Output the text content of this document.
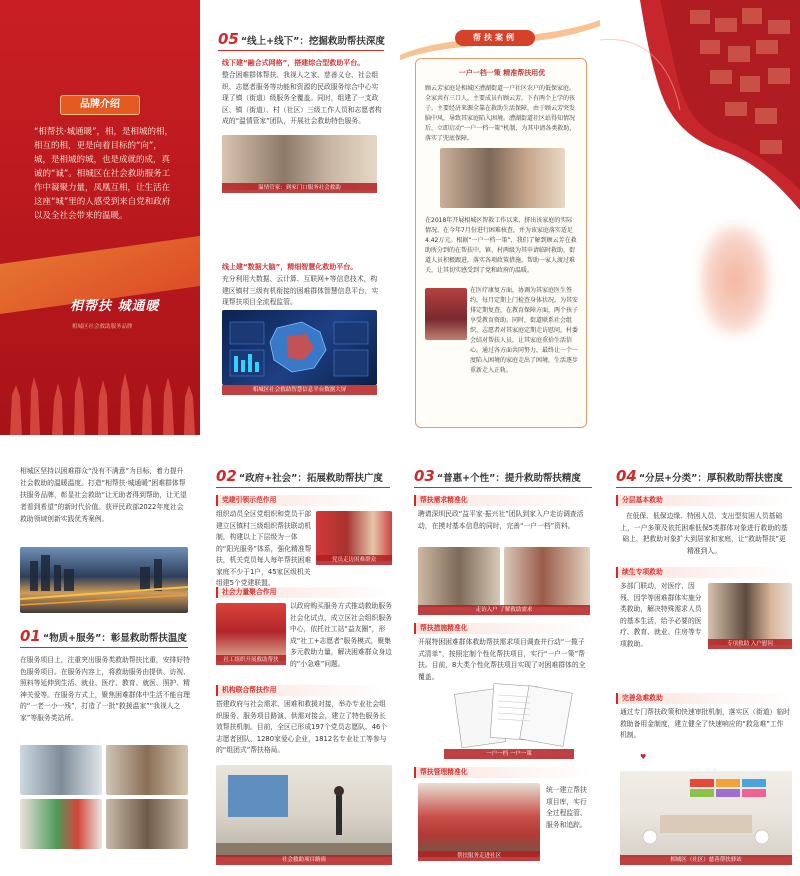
品牌介绍
“相帮扶·城通暖”，相，是相城的相，相互的相，更是向着目标的“向”，城，是相城的城，也是成就的成，真诚的“诚”。相城区在社会救助服务工作中凝聚力量，凤凰互相，让生活在这座“城”里的人感受到来自党和政府以及全社会带来的温暖。
相帮扶 城通暖
相城区社会救助服务品牌
05 “线上+线下”：挖掘救助帮扶深度
线下建“融合式网格”，搭建综合型救助平台。
整合困难群体帮扶、我视人之家、慈善义仓、社会组织、志愿者服务等功能和资源的民政服务综合中心实现了镇（街道）级服务全覆盖。同时，组建了一支政区、镇（街道）、村（社区）三级工作人员和志愿者构成的“温情管家”团队，开展社会救助特色服务。
温情管家：到家门口服务社会救助
线上建“数据大脑”，精细智慧化救助平台。
充分利用大数据、云计算、互联网+等信息技术，构建区镇村三级有机衔接的困难群体智慧信息平台，实现帮扶项目全流程监管。
相城区社会救助智慧信息平台数据大屏
帮扶案例
一户一档一策 精准帮扶用优
顾云芳家庭是相城区漕湖街道一户社区农户的低保家庭。全家共有三口人，主要成员有顾云芳，下有两个上学的孩子。主要经济来源全靠在救助生活保障，由于顾云芳突发脑中风，导致其家庭陷入困境。漕湖街道社区站得知情况后，立即启动“一户一档一策”机制，为其申请各类救助，落实了兜底保障。
在2018年开展相城区智救工作以来，挤出该家庭的实际情况。在今年7月份进行困难核查，并为该家庭落实适足4.42万元。根据“一户一档一策”，我们了解到顾云芳在救助所分到的在帮扶中，镇、村两级为其申请临时救助，街道人员积极跟进，落实各项政策措施，帮助一家人渡过难关，让其切实感受到了党和政府的温暖。
在医疗康复方面，协调为其家庭医生签约，每月定期上门检查身体状况。为其安排定期复查，在教育保障方面，两个孩子享受教育资助。同时，街道联系社会组织、志愿者对其家庭定期走访慰问，村委会结对帮扶人员，让其家庭重拾生活信心。通过各方面共同努力，最终让一个一度陷入困境的家庭走出了困境，生活逐步重新走入正轨。
相城区坚持以困难群众“没有不满意”为目标，着力提升社会救助的温暖温度。打造“相帮扶·城通暖”困难群体帮扶服务品牌，彰显社会救助“让无助者得到帮助，让无望者看到希望”的新时代价值。获评民政部2022年度社会救助领域创新实践优秀案例。
01 “物质+服务”：彰显救助帮扶温度
在服务项目上，注重突出服务类救助帮扶比重，安排好特色服务项目。在服务内容上，将救助服务由提供、访视、照料等延伸到生活、就业、医疗、教育、就医、照护、精神关爱等。在服务方式上，聚焦困难群体中生活不能自理的“一老一小一残”，打造了一批“救援温家”“我视人之家”等服务类站所。
02 “政府+社会”：拓展救助帮扶广度
党建引领示范作用
组织动员全区党组织和党员干部建立区镇村三级组织帮扶联动机制，构建以上下层级为一体的“阳光服务”体系，强化精准帮扶，机关党员每人每年帮扶困难家庭不少于1户，45家区级机关组建5个党建联盟。
党员走访困难群众
社会力量聚合作用
社工组织开展救助帮扶
以政府购买服务方式推动救助服务社会化试点，成立区社会组织服务中心，依托社工站“益友圈”，形成“社工+志愿者”服务模式，聚集多元救助力量，解决困难群众身边的“小急难”问题。
机构联合帮扶作用
搭建政府与社会需求、困难和救援对接，举办专业社会组织服务、服务项目路演、供需对接会，建立了特色服务长效帮扶机制。目前，全区已形成197个党员志愿队、46个志愿者团队、1280家爱心企业，1812名专业社工等参与的“组团式”帮扶格局。
社会救助项目路演
03 “普惠+个性”：提升救助帮扶精度
帮扶需求精准化
聘请深圳民政“益平家·振兴社”团队到家入户走访调查活动，在摸对基本信息的同时，完善“一户一档”资料。
走访入户 了解救助需求
帮扶措施精准化
开展特困困难群体救助帮扶需求项目调查并行动“一揽子式清单”，按照定制个性化帮扶项目，实行“一户一策”帮扶。目前，8大类个性化帮扶项目实现了对困难群体的全覆盖。
一户一档 一户一策
帮扶管理精准化
帮扶服务走进社区
统一建立帮扶项目库，实行全过程监管、服务和追踪。
04 “分层+分类”：厚积救助帮扶密度
分层基本救助
在低保、低保边缘、特困人员、支出型贫困人员基础上，一户多策及依托困难低保5类群体对象进行救助的基础上，把救助对象扩大到居家和家庭，让“救助帮扶”更精准到人。
续生专项救助
多部门联动，对医疗、因残、因学等困难群体实施分类救助，解决特殊需求人员的基本生活，给予必要的医疗、教育、就业、住房等专项救助。	专项救助 入户慰问
完善急难救助
通过专门帮扶政策和快速审批机制，落实区（街道）临时救助备用金制度，建立健全了快速响应的“救急难”工作机制。
♥
相城区（社区）慈善帮扶驿站
